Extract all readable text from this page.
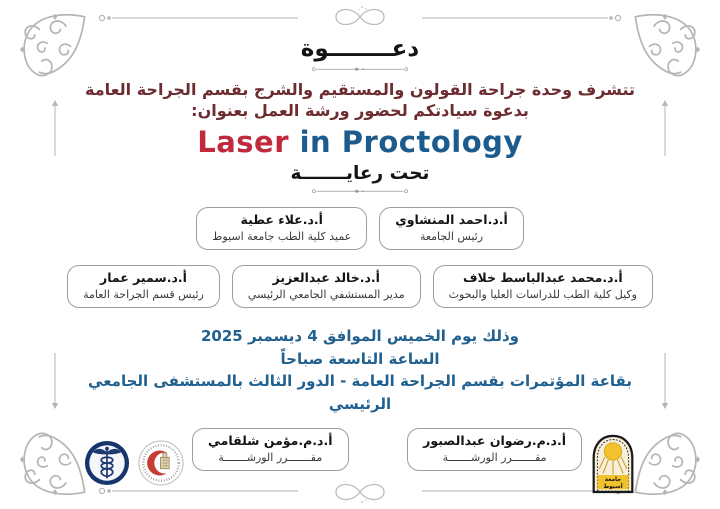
دعــــــــوة
تتشرف وحدة جراحة القولون والمستقيم والشرج بقسم الجراحة العامة
بدعوة سيادتكم لحضور ورشة العمل بعنوان:
Laser in Proctology
تحت رعايـــــــة
أ.د.احمد المنشاوي
رئيس الجامعة
أ.د.علاء عطية
عميد كلية الطب جامعة اسيوط
أ.د.محمد عبدالباسط خلاف
وكيل كلية الطب للدراسات العليا والبحوث
أ.د.خالد عبدالعزيز
مدير المستشفي الجامعي الرئيسي
أ.د.سمير عمار
رئيس قسم الجراحة العامة
وذلك يوم الخميس الموافق 4 ديسمبر 2025
الساعة التاسعة صباحاً
بقاعة المؤتمرات بقسم الجراحة العامة - الدور الثالث بالمستشفى الجامعي الرئيسي
جامعة
أسيوط
أ.د.م.رضوان عبدالصبور
مقـــــــرر الورشـــــــة
أ.د.م.مؤمن شلقامي
مقـــــــرر الورشـــــــة
